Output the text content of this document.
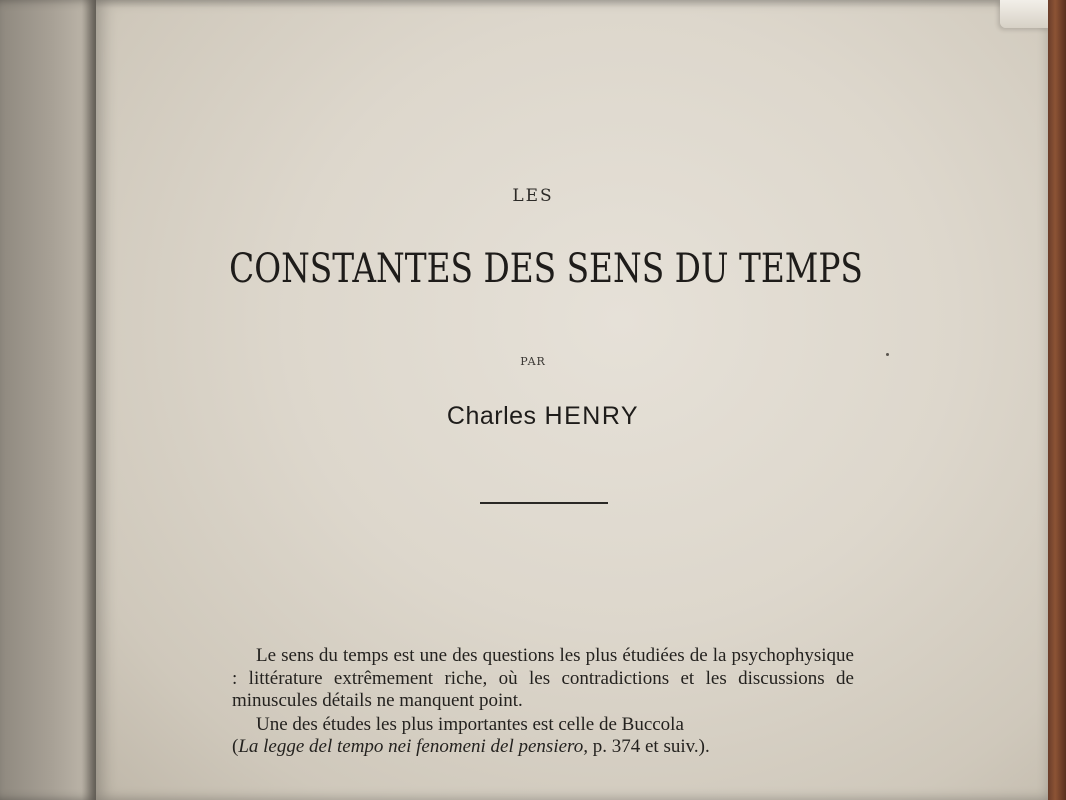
LES
CONSTANTES DES SENS DU TEMPS
PAR
Charles HENRY

Le sens du temps est une des questions les plus étudiées de la psychophysique : littérature extrêmement riche, où les contradictions et les discussions de minuscules détails ne manquent point.

Une des études les plus importantes est celle de Buccola
(La legge del tempo nei fenomeni del pensiero, p. 374 et suiv.).
